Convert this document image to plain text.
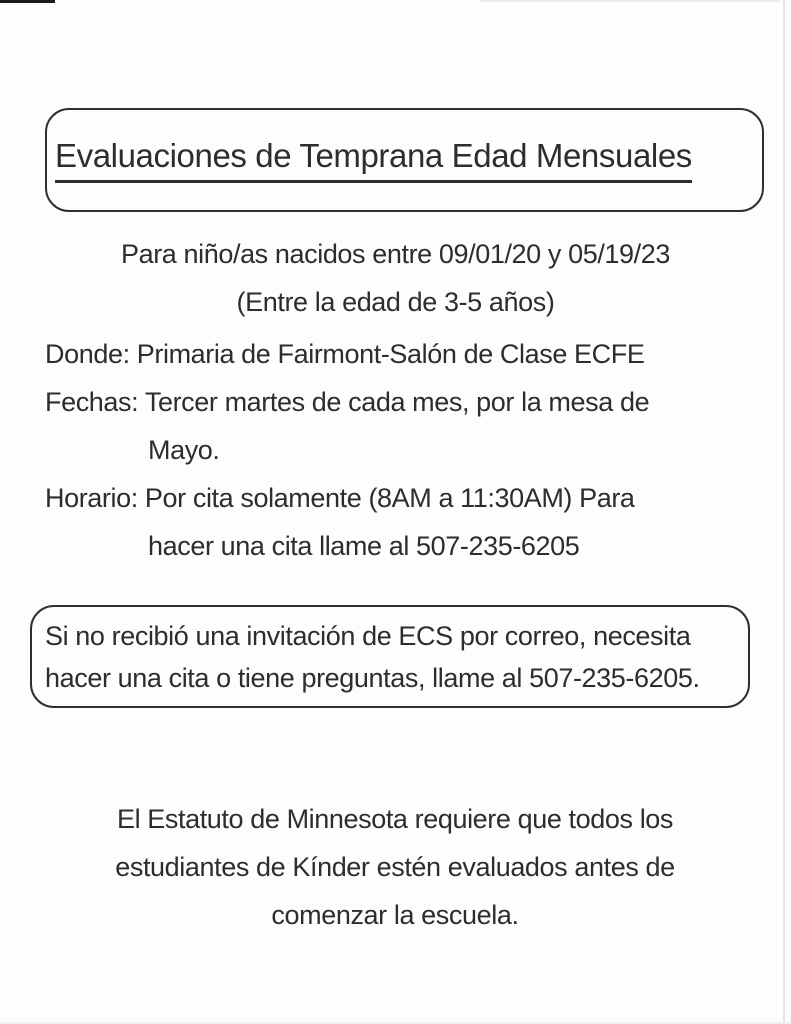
Evaluaciones de Temprana Edad Mensuales
Para niño/as nacidos entre 09/01/20 y 05/19/23
(Entre la edad de 3-5 años)
Donde: Primaria de Fairmont-Salón de Clase ECFE
Fechas: Tercer martes de cada mes, por la mesa de
Mayo.
Horario: Por cita solamente (8AM a 11:30AM) Para
hacer una cita llame al 507-235-6205
Si no recibió una invitación de ECS por correo, necesita
hacer una cita o tiene preguntas, llame al 507-235-6205.
El Estatuto de Minnesota requiere que todos los
estudiantes de Kínder estén evaluados antes de
comenzar la escuela.
